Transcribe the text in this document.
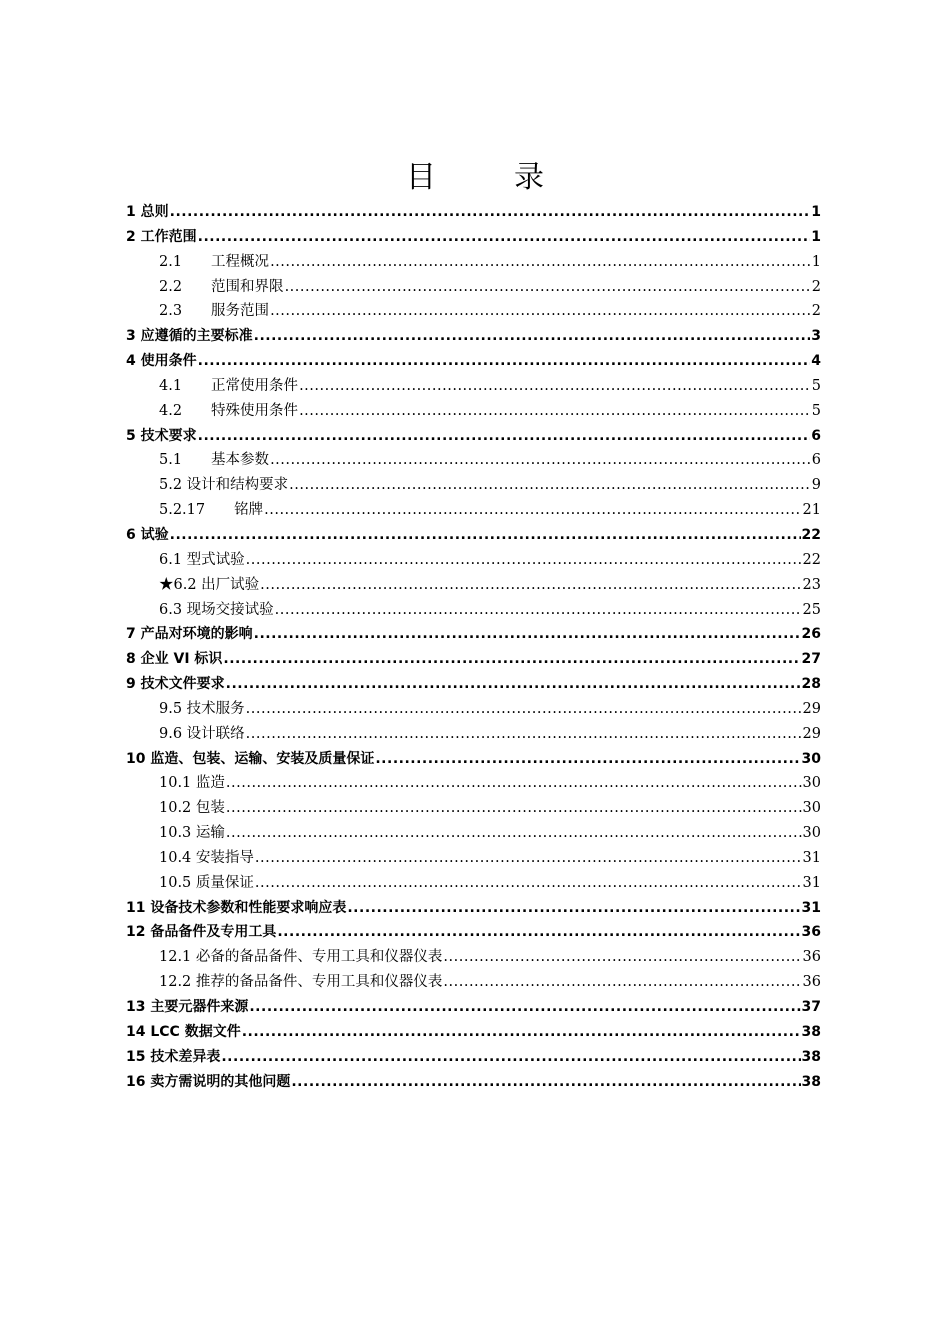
目　录
1 总则 .....	1
2 工作范围 .....	1
2.1　　工程概况 .....	1
2.2　　范围和界限 .....	2
2.3　　服务范围 .....	2
3 应遵循的主要标准 .....	3
4 使用条件 .....	4
4.1　　正常使用条件 .....	5
4.2　　特殊使用条件 .....	5
5 技术要求 .....	6
5.1　　基本参数 .....	6
5.2 设计和结构要求 .....	9
5.2.17　　铭牌 .....	21
6 试验 .....	22
6.1 型式试验 .....	22
★6.2 出厂试验 .....	23
6.3 现场交接试验 .....	25
7 产品对环境的影响 .....	26
8 企业 VI 标识 .....	27
9 技术文件要求 .....	28
9.5 技术服务 .....	29
9.6 设计联络 .....	29
10 监造、包装、运输、安装及质量保证 .....	30
10.1 监造 .....	30
10.2 包装 .....	30
10.3 运输 .....	30
10.4 安装指导 .....	31
10.5 质量保证 .....	31
11 设备技术参数和性能要求响应表 .....	31
12 备品备件及专用工具 .....	36
12.1 必备的备品备件、专用工具和仪器仪表 .....	36
12.2 推荐的备品备件、专用工具和仪器仪表 .....	36
13 主要元器件来源 .....	37
14 LCC 数据文件 .....	38
15 技术差异表 .....	38
16 卖方需说明的其他问题 .....	38
